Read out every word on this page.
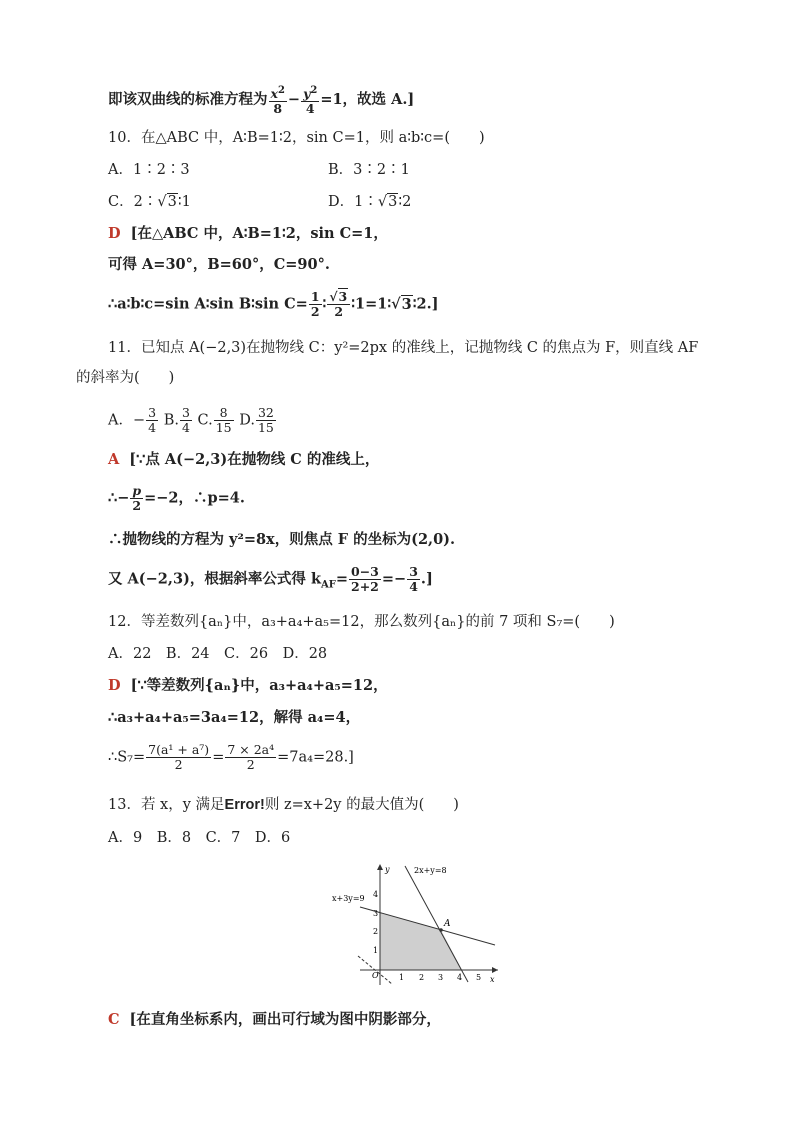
即该双曲线的标准方程为 $\frac{x^2}{8} - \frac{y^2}{4} =1$，故选 A.]
10．在△ABC 中，A∶B=1∶2，sin C=1，则 a∶b∶c=(　　)
A．1∶2∶3	B．3∶2∶1
C．2∶√3∶1	D．1∶√3∶2
D [在△ABC 中，A∶B=1∶2，sin C=1，
可得 A=30°，B=60°，C=90°.
∴a∶b∶c=sin A∶sin B∶sin $C= \frac{1}{2}$ ∶ $\frac{√3}{2}$ ∶1=1∶√3∶2.]
11．已知点 A(−2,3)在抛物线 C：y²=2px 的准线上，记抛物线 C 的焦点为 F，则直线 AF
的斜率为(　　)
A．− $\frac{3}{4} B$. $\frac{3}{4} C$. $\frac{8}{15} D$. $\frac{32}{15}$
A [∵点 A(−2,3)在抛物线 C 的准线上，
∴− $\frac{p}{2} =-2$，∴p=4.
∴抛物线的方程为 y²=8x，则焦点 F 的坐标为(2,0).
又 A(−2,3)，根据斜率公式得 $k_{AF}= \frac{0-3}{2+2} =- \frac{3}{4}$ .]
12．等差数列{aₙ}中，a₃+a₄+a₅=12，那么数列{aₙ}的前 7 项和 S₇=(　　)
A．22　B．24　C．26　D．28
D [∵等差数列{aₙ}中，a₃+a₄+a₅=12，
∴a₃+a₄+a₅=3a₄=12，解得 a₄=4，
∴S₇= $\frac{\text{7(a¹ + a⁷)}}{2} = \frac{\text{7 × 2a⁴}}{2} =7a_4=28$.]
13．若 x，y 满足Error!则 z=x+2y 的最大值为(　　)
A．9　B．8　C．7　D．6
A
2x+y=8
x+3y=9
y
x
O	1 2 3 4 5
1
2
3
4
C [在直角坐标系内，画出可行域为图中阴影部分，
